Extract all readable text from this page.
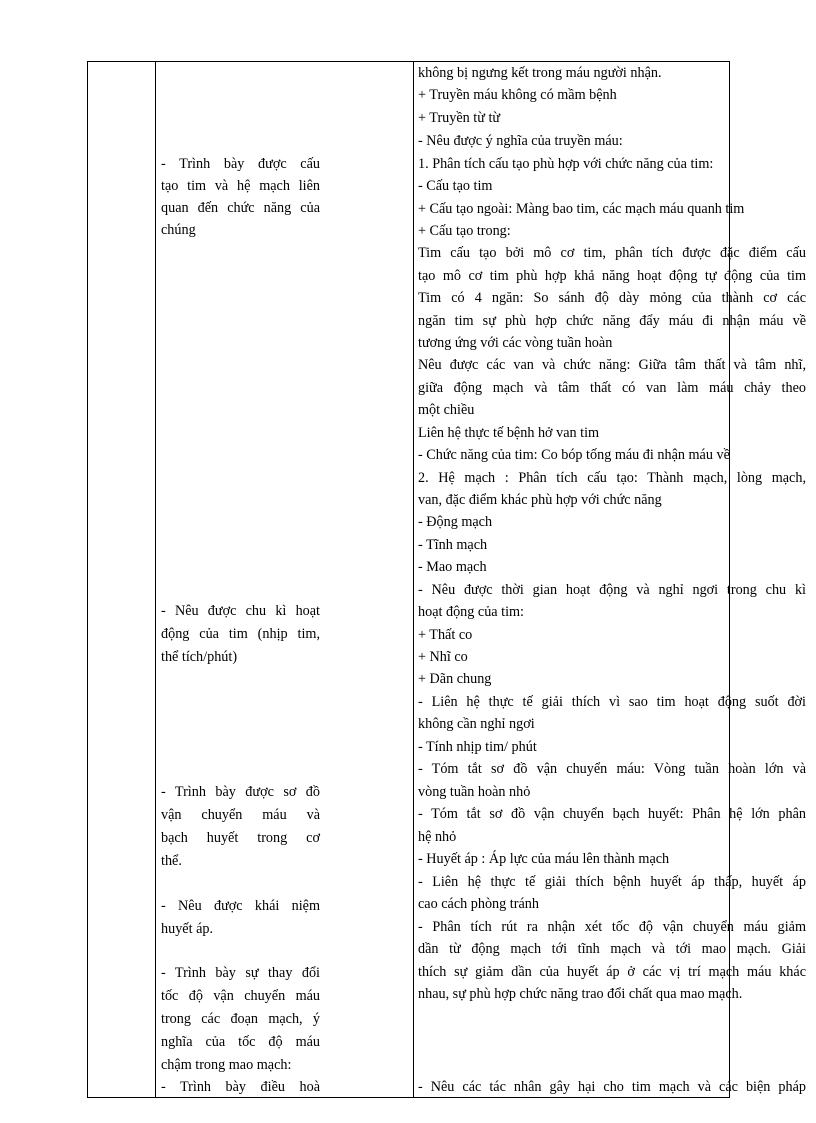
- Trình bày được cấu
tạo tim và hệ mạch liên
quan đến chức năng của
chúng
- Nêu được chu kì hoạt
động của tim (nhịp tim,
thể tích/phút)
- Trình bày được sơ đồ
vận chuyển máu và
bạch huyết trong cơ
thể.
- Nêu được khái niệm
huyết áp.
- Trình bày sự thay đổi
tốc độ vận chuyển máu
trong các đoạn mạch, ý
nghĩa của tốc độ máu
chậm trong mao mạch:
- Trình bày điều hoà
không bị ngưng kết trong máu người nhận.
+ Truyền máu không có mầm bệnh
+ Truyền từ từ
- Nêu được ý nghĩa của truyền máu:
1. Phân tích cấu tạo phù hợp với chức năng của tim:
- Cấu tạo tim
+ Cấu tạo ngoài: Màng bao tim, các mạch máu quanh tim
+ Cấu tạo trong:
Tim cấu tạo bởi mô cơ tim, phân tích được đặc điểm cấu
tạo mô cơ tim phù hợp khả năng hoạt động tự động của tim
Tim có 4 ngăn: So sánh độ dày mỏng của thành cơ các
ngăn tim sự phù hợp chức năng đẩy máu đi nhận máu về
tương ứng với các vòng tuần hoàn
Nêu được các van và chức năng: Giữa tâm thất và tâm nhĩ,
giữa động mạch và tâm thất có van làm máu chảy theo
một chiều
Liên hệ thực tế bệnh hở van tim
- Chức năng của tim: Co bóp tống máu đi nhận máu về
2. Hệ mạch : Phân tích cấu tạo: Thành mạch, lòng mạch,
van, đặc điểm khác phù hợp với chức năng
- Động mạch
- Tĩnh mạch
- Mao mạch
- Nêu được thời gian hoạt động và nghỉ ngơi trong chu kì
hoạt động của tim:
+ Thất co
+ Nhĩ co
+ Dãn chung
- Liên hệ thực tế giải thích vì sao tim hoạt động suốt đời
không cần nghỉ ngơi
- Tính nhịp tim/ phút
- Tóm tắt sơ đồ vận chuyển máu: Vòng tuần hoàn lớn và
vòng tuần hoàn nhỏ
- Tóm tắt sơ đồ vận chuyển bạch huyết: Phân hệ lớn phân
hệ nhỏ
- Huyết áp : Áp lực của máu lên thành mạch
- Liên hệ thực tế giải thích bệnh huyết áp thấp, huyết áp
cao cách phòng tránh
- Phân tích rút ra nhận xét tốc độ vận chuyển máu giảm
dần từ động mạch tới tĩnh mạch và tới mao mạch. Giải
thích sự giảm dần của huyết áp ở các vị trí mạch máu khác
nhau, sự phù hợp chức năng trao đổi chất qua mao mạch.
- Nêu các tác nhân gây hại cho tim mạch và các biện pháp
